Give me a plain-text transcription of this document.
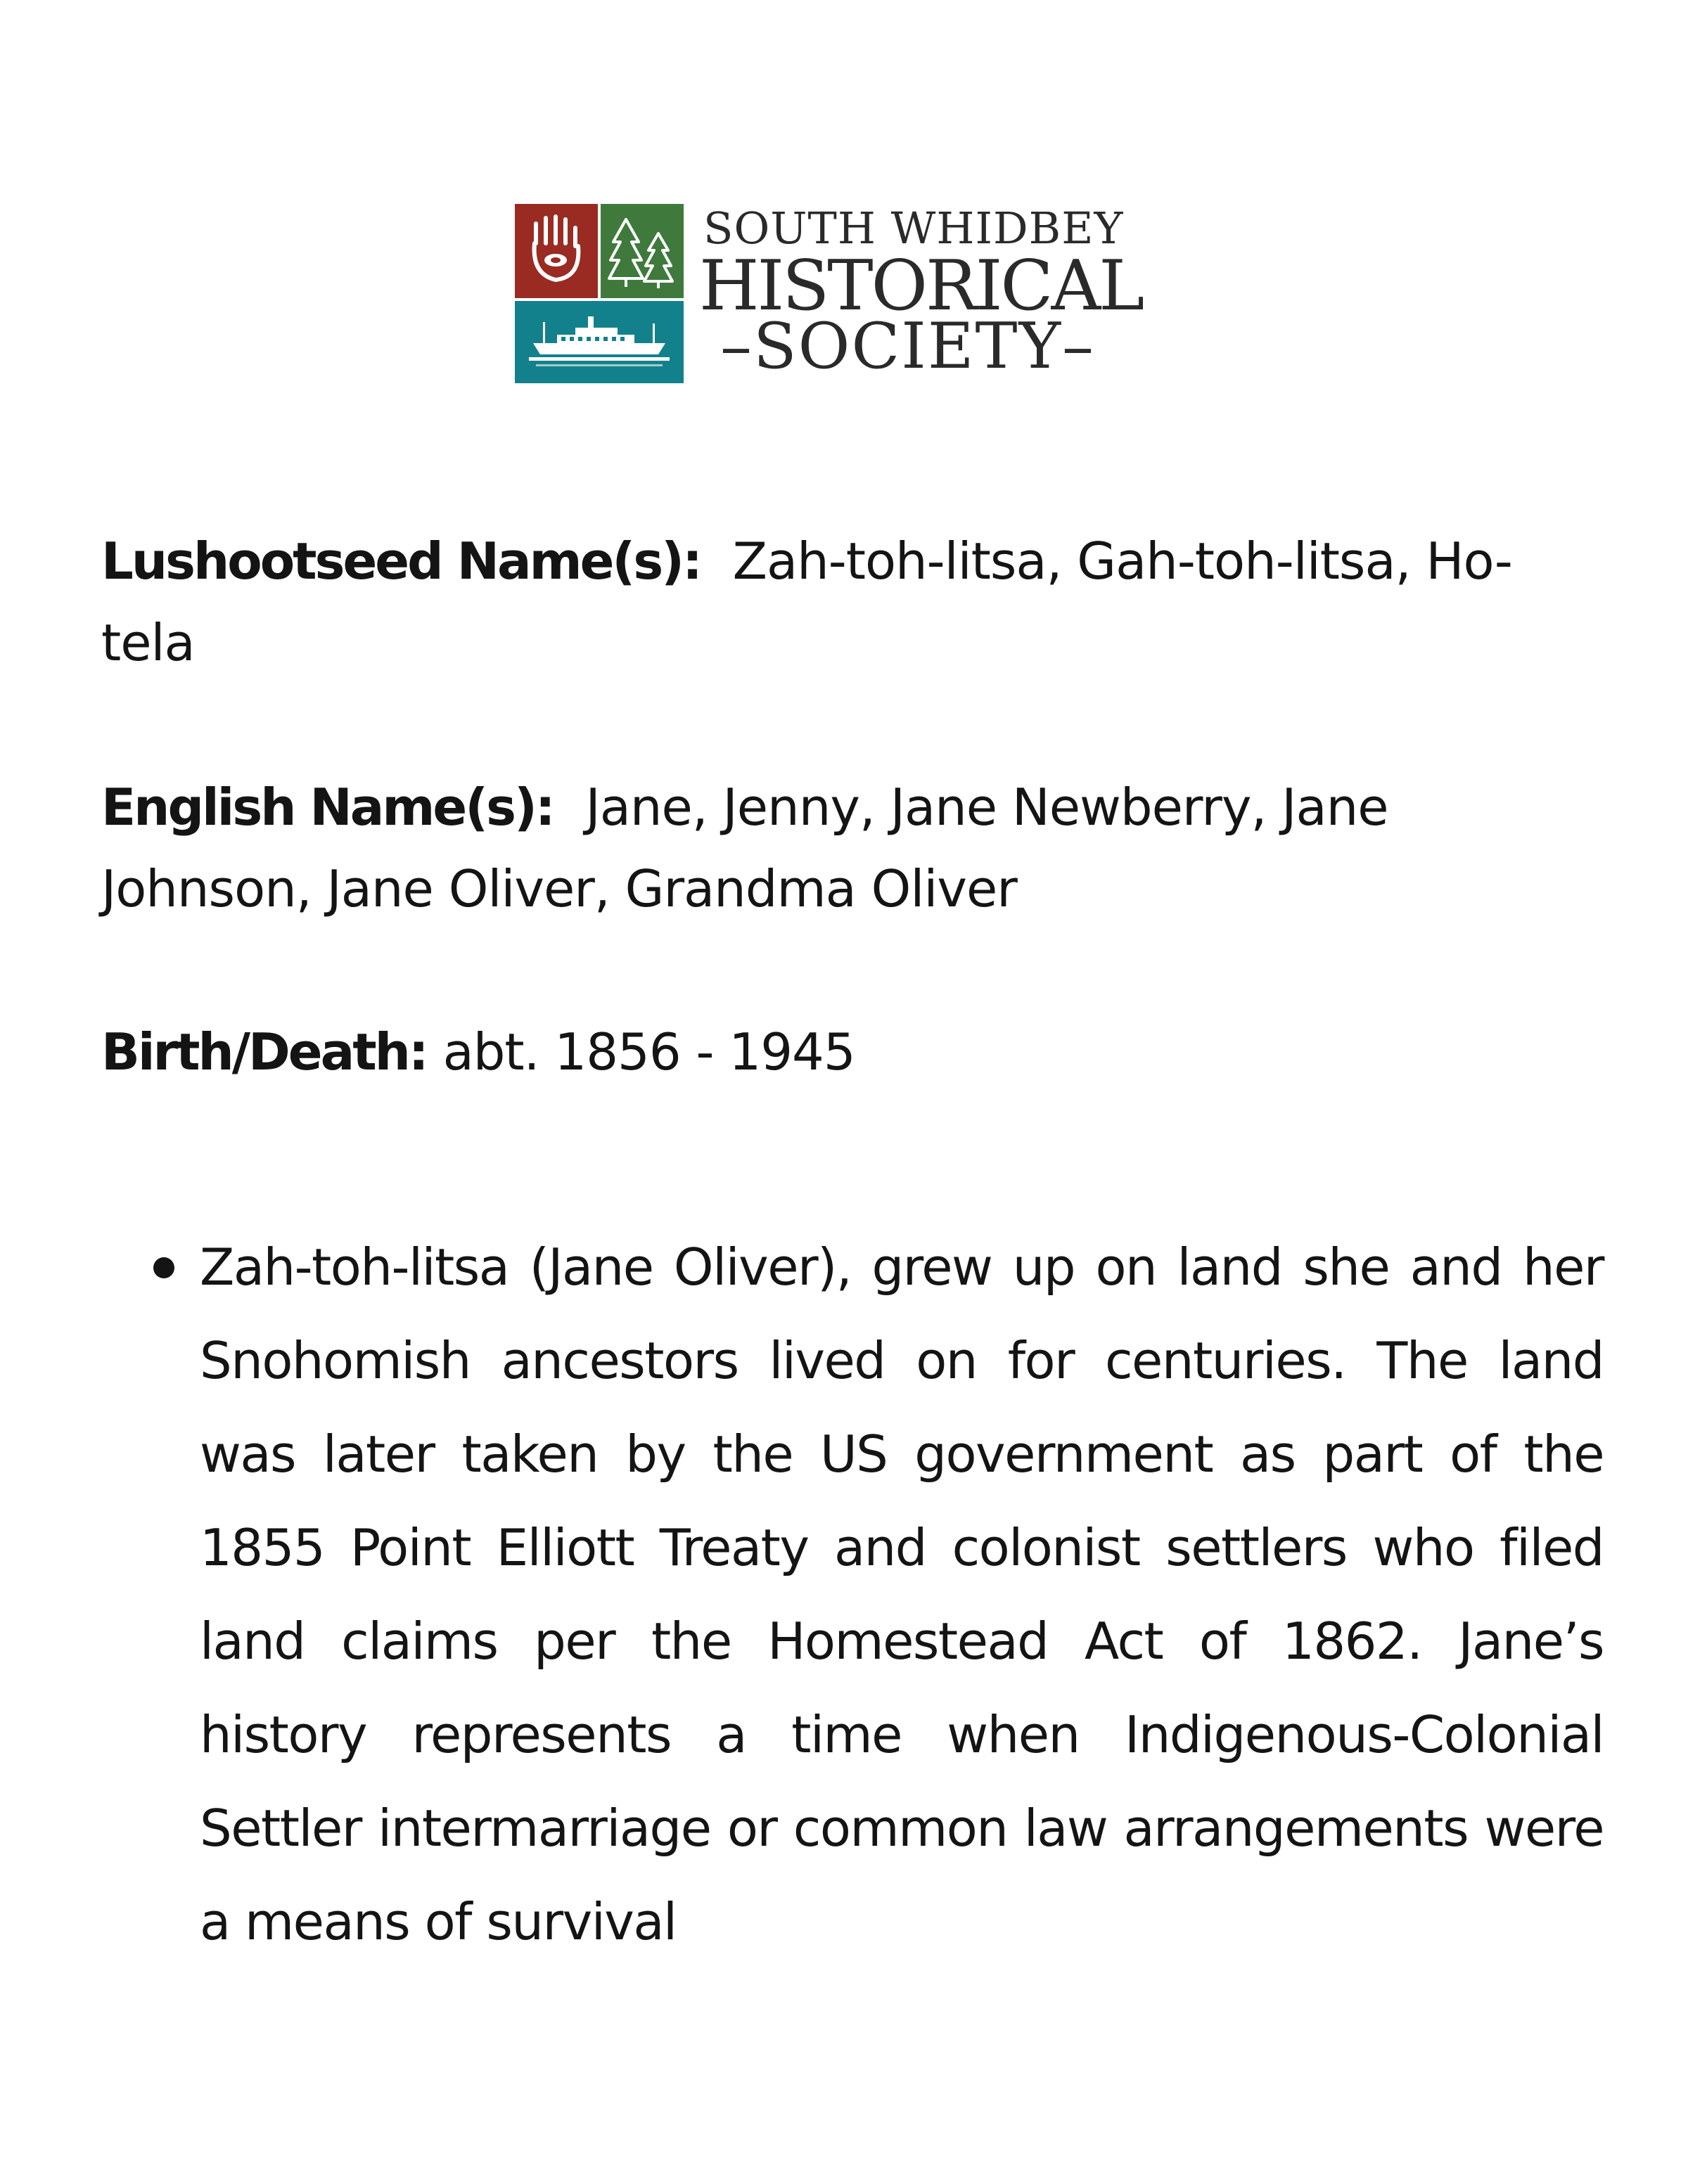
SOUTH WHIDBEY
HISTORICAL
–SOCIETY–

Lushootseed Name(s): Zah-toh-litsa, Gah-toh-litsa, Ho-tela

English Name(s): Jane, Jenny, Jane Newberry, Jane Johnson, Jane Oliver, Grandma Oliver

Birth/Death: abt. 1856 - 1945

Zah-toh-litsa (Jane Oliver), grew up on land she and her Snohomish ancestors lived on for centuries. The land was later taken by the US government as part of the 1855 Point Elliott Treaty and colonist settlers who filed land claims per the Homestead Act of 1862. Jane’s history represents a time when Indigenous-Colonial Settler intermarriage or common law arrangements were a means of survival
